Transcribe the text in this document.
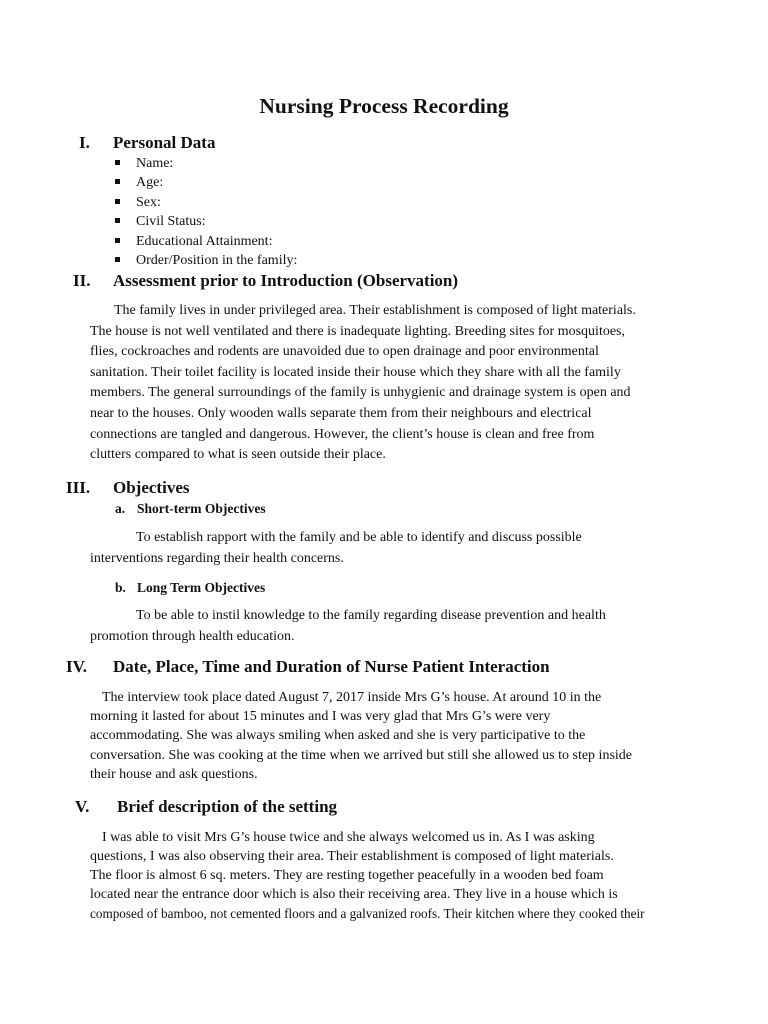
Nursing Process Recording
I. Personal Data
Name:
Age:
Sex:
Civil Status:
Educational Attainment:
Order/Position in the family:
II. Assessment prior to Introduction (Observation)
The family lives in under privileged area. Their establishment is composed of light materials.
The house is not well ventilated and there is inadequate lighting. Breeding sites for mosquitoes,
flies, cockroaches and rodents are unavoided due to open drainage and poor environmental
sanitation. Their toilet facility is located inside their house which they share with all the family
members. The general surroundings of the family is unhygienic and drainage system is open and
near to the houses. Only wooden walls separate them from their neighbours and electrical
connections are tangled and dangerous. However, the client’s house is clean and free from
clutters compared to what is seen outside their place.
III. Objectives
a. Short-term Objectives
To establish rapport with the family and be able to identify and discuss possible
interventions regarding their health concerns.
b. Long Term Objectives
To be able to instil knowledge to the family regarding disease prevention and health
promotion through health education.
IV. Date, Place, Time and Duration of Nurse Patient Interaction
The interview took place dated August 7, 2017 inside Mrs G’s house. At around 10 in the
morning it lasted for about 15 minutes and I was very glad that Mrs G’s were very
accommodating. She was always smiling when asked and she is very participative to the
conversation. She was cooking at the time when we arrived but still she allowed us to step inside
their house and ask questions.
V. Brief description of the setting
I was able to visit Mrs G’s house twice and she always welcomed us in. As I was asking
questions, I was also observing their area. Their establishment is composed of light materials.
The floor is almost 6 sq. meters. They are resting together peacefully in a wooden bed foam
located near the entrance door which is also their receiving area. They live in a house which is
composed of bamboo, not cemented floors and a galvanized roofs. Their kitchen where they cooked their
